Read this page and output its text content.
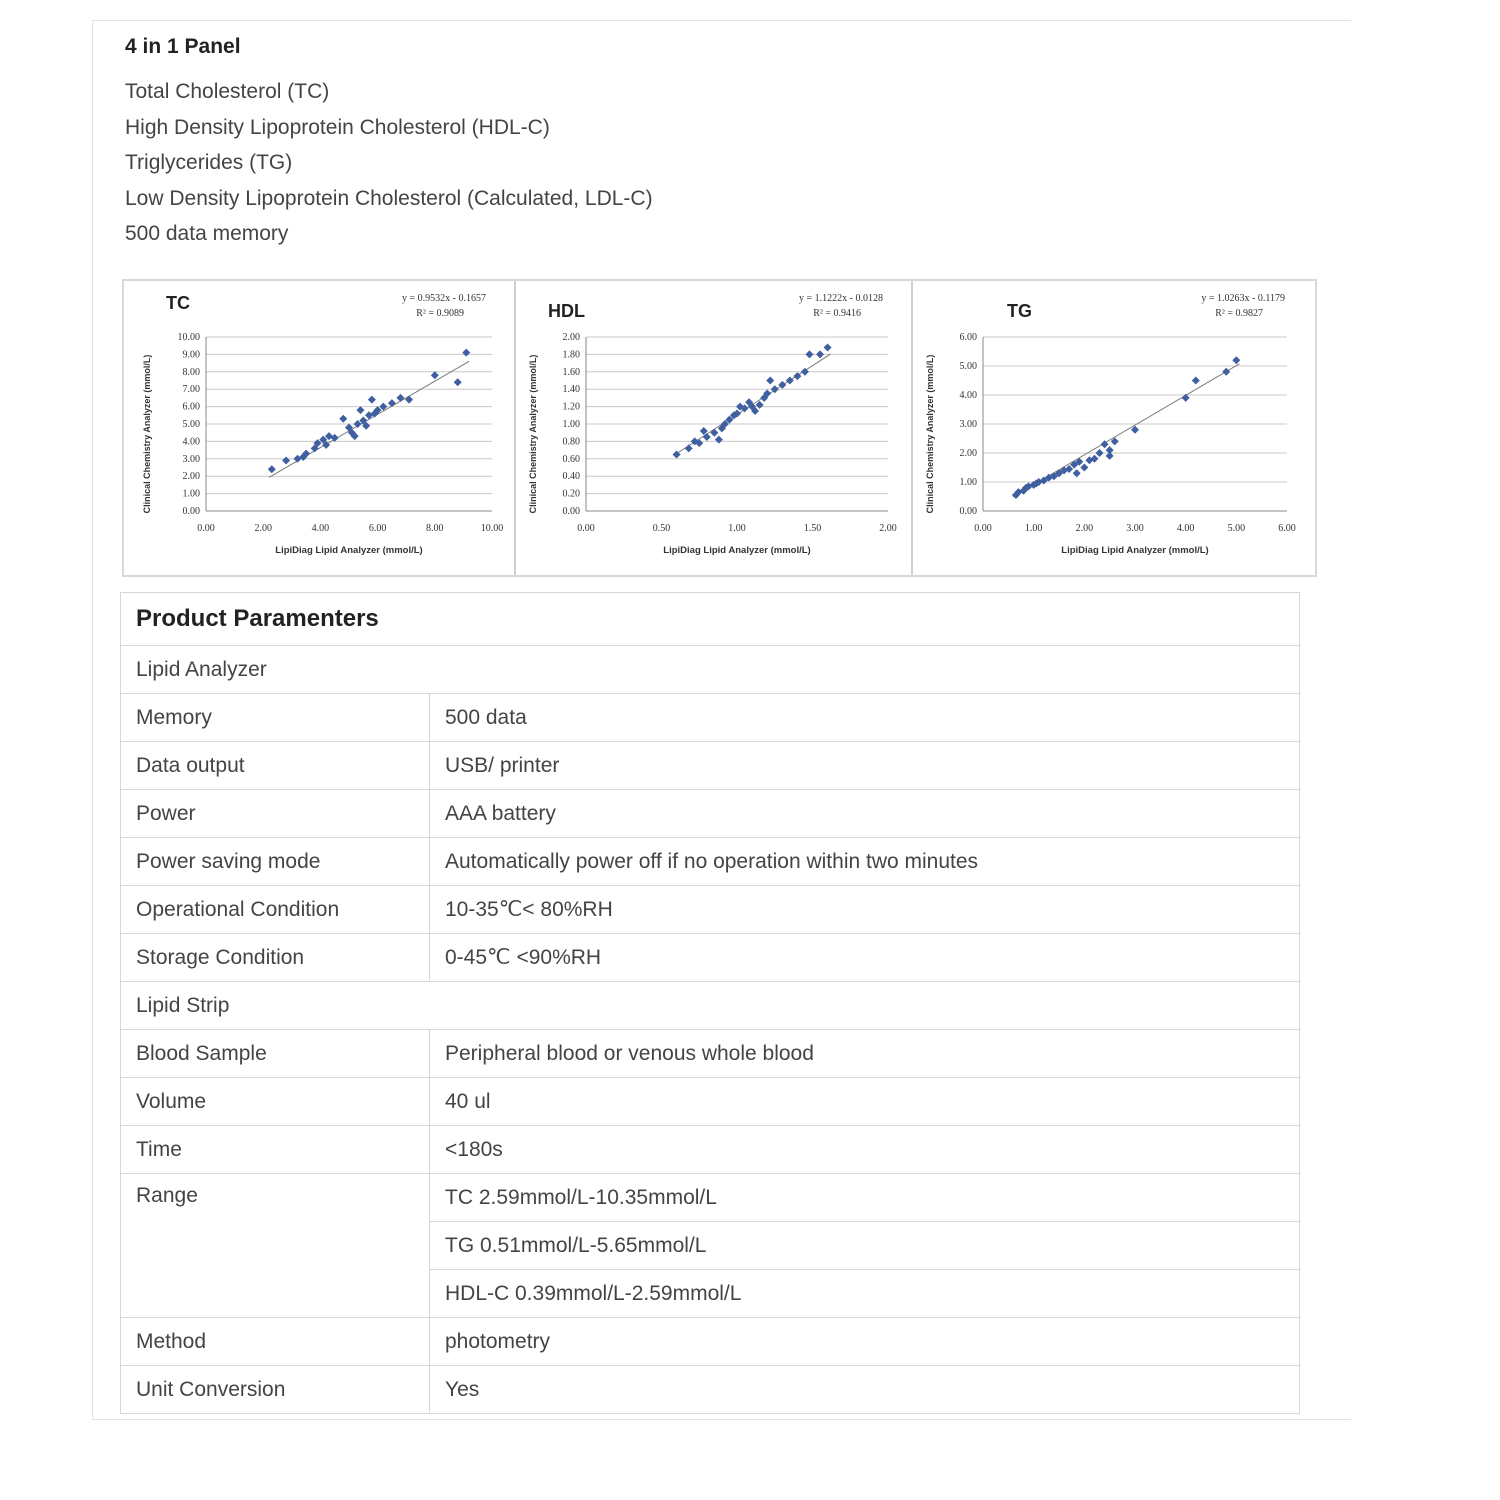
4 in 1 Panel
Total Cholesterol (TC)
High Density Lipoprotein Cholesterol (HDL-C)
Triglycerides (TG)
Low Density Lipoprotein Cholesterol (Calculated, LDL-C)
500 data memory
0.00
1.00
2.00
3.00
4.00
5.00
6.00
7.00
8.00
9.00
10.00
0.00	2.00	4.00	6.00	8.00	10.00
TC	y = 0.9532x - 0.1657
R² = 0.9089
LipiDiag Lipid Analyzer (mmol/L)
Clinical Chemistry Analyzer (mmol/L)	0.00
0.20
0.40
0.60
0.80
1.00
1.20
1.40
1.60
1.80
2.00
0.00	0.50	1.00	1.50	2.00
HDL
y = 1.1222x - 0.0128
R² = 0.9416
LipiDiag Lipid Analyzer (mmol/L)
Clinical Chemistry Analyzer (mmol/L)	0.00
1.00
2.00
3.00
4.00
5.00
6.00
0.00	1.00	2.00	3.00	4.00	5.00	6.00
TG
y = 1.0263x - 0.1179
R² = 0.9827
LipiDiag Lipid Analyzer (mmol/L)
Clinical Chemistry Analyzer (mmol/L)
Product Paramenters	
Lipid Analyzer	
Memory	500 data
Data output	USB/ printer
Power	AAA battery
Power saving mode	Automatically power off if no operation within two minutes
Operational Condition	10-35℃< 80%RH
Storage Condition	0-45℃ <90%RH
Lipid Strip	
Blood Sample	Peripheral blood or venous whole blood
Volume	40 ul
Time	<180s
Range	TC 2.59mmol/L-10.35mmol/L
	TG 0.51mmol/L-5.65mmol/L
	HDL-C 0.39mmol/L-2.59mmol/L
Method	photometry
Unit Conversion	Yes
